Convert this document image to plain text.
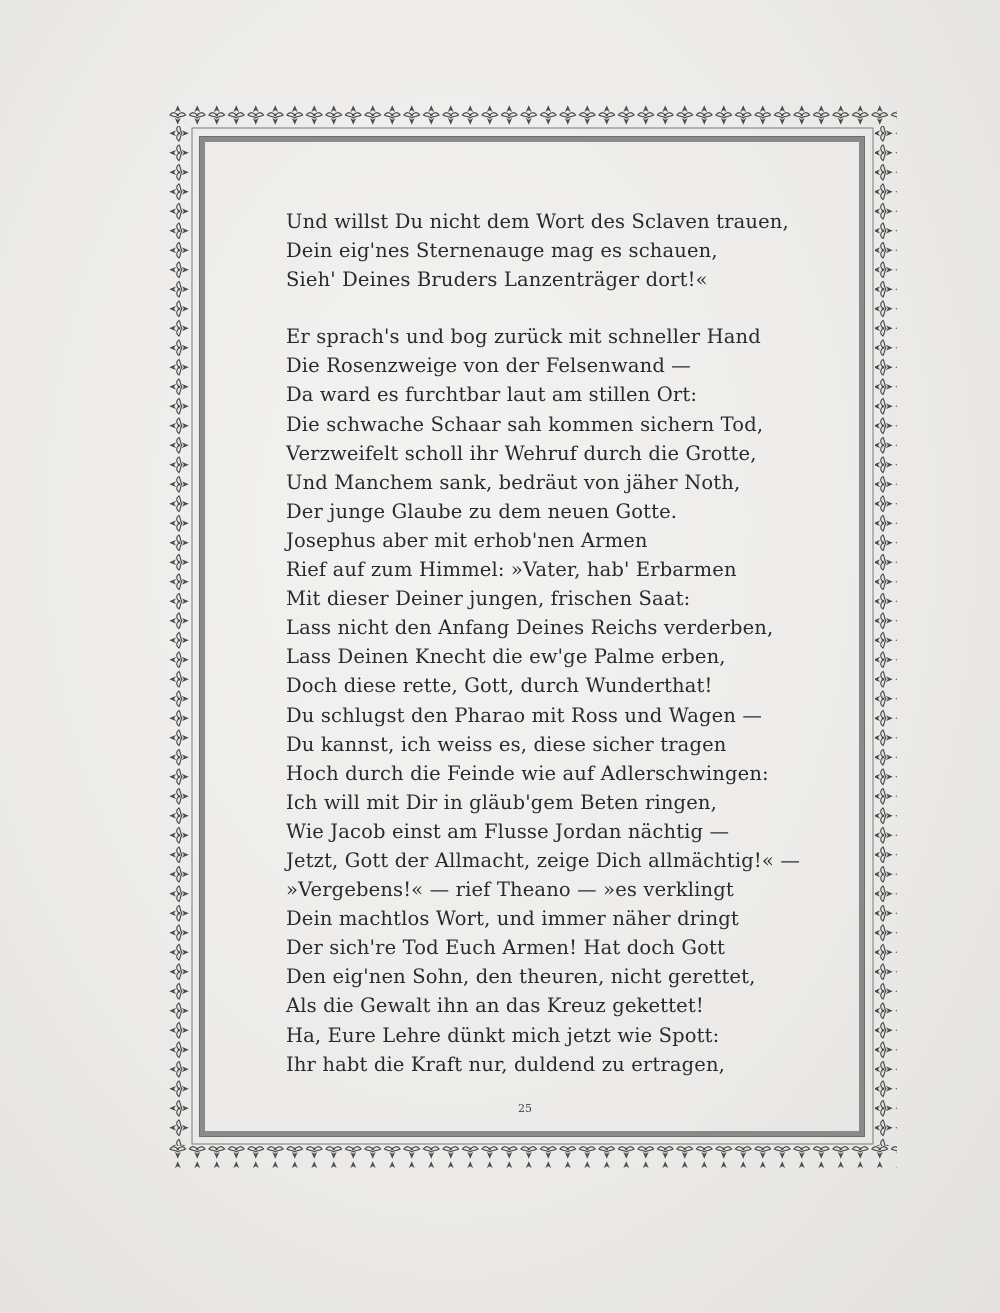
Und willst Du nicht dem Wort des Sclaven trauen,
Dein eig'nes Sternenauge mag es schauen,
Sieh' Deines Bruders Lanzenträger dort!«
Er sprach's und bog zurück mit schneller Hand
Die Rosenzweige von der Felsenwand —
Da ward es furchtbar laut am stillen Ort:
Die schwache Schaar sah kommen sichern Tod,
Verzweifelt scholl ihr Wehruf durch die Grotte,
Und Manchem sank, bedräut von jäher Noth,
Der junge Glaube zu dem neuen Gotte.
Josephus aber mit erhob'nen Armen
Rief auf zum Himmel: »Vater, hab' Erbarmen
Mit dieser Deiner jungen, frischen Saat:
Lass nicht den Anfang Deines Reichs verderben,
Lass Deinen Knecht die ew'ge Palme erben,
Doch diese rette, Gott, durch Wunderthat!
Du schlugst den Pharao mit Ross und Wagen —
Du kannst, ich weiss es, diese sicher tragen
Hoch durch die Feinde wie auf Adlerschwingen:
Ich will mit Dir in gläub'gem Beten ringen,
Wie Jacob einst am Flusse Jordan nächtig —
Jetzt, Gott der Allmacht, zeige Dich allmächtig!« —
»Vergebens!« — rief Theano — »es verklingt
Dein machtlos Wort, und immer näher dringt
Der sich're Tod Euch Armen! Hat doch Gott
Den eig'nen Sohn, den theuren, nicht gerettet,
Als die Gewalt ihn an das Kreuz gekettet!
Ha, Eure Lehre dünkt mich jetzt wie Spott:
Ihr habt die Kraft nur, duldend zu ertragen,
25
